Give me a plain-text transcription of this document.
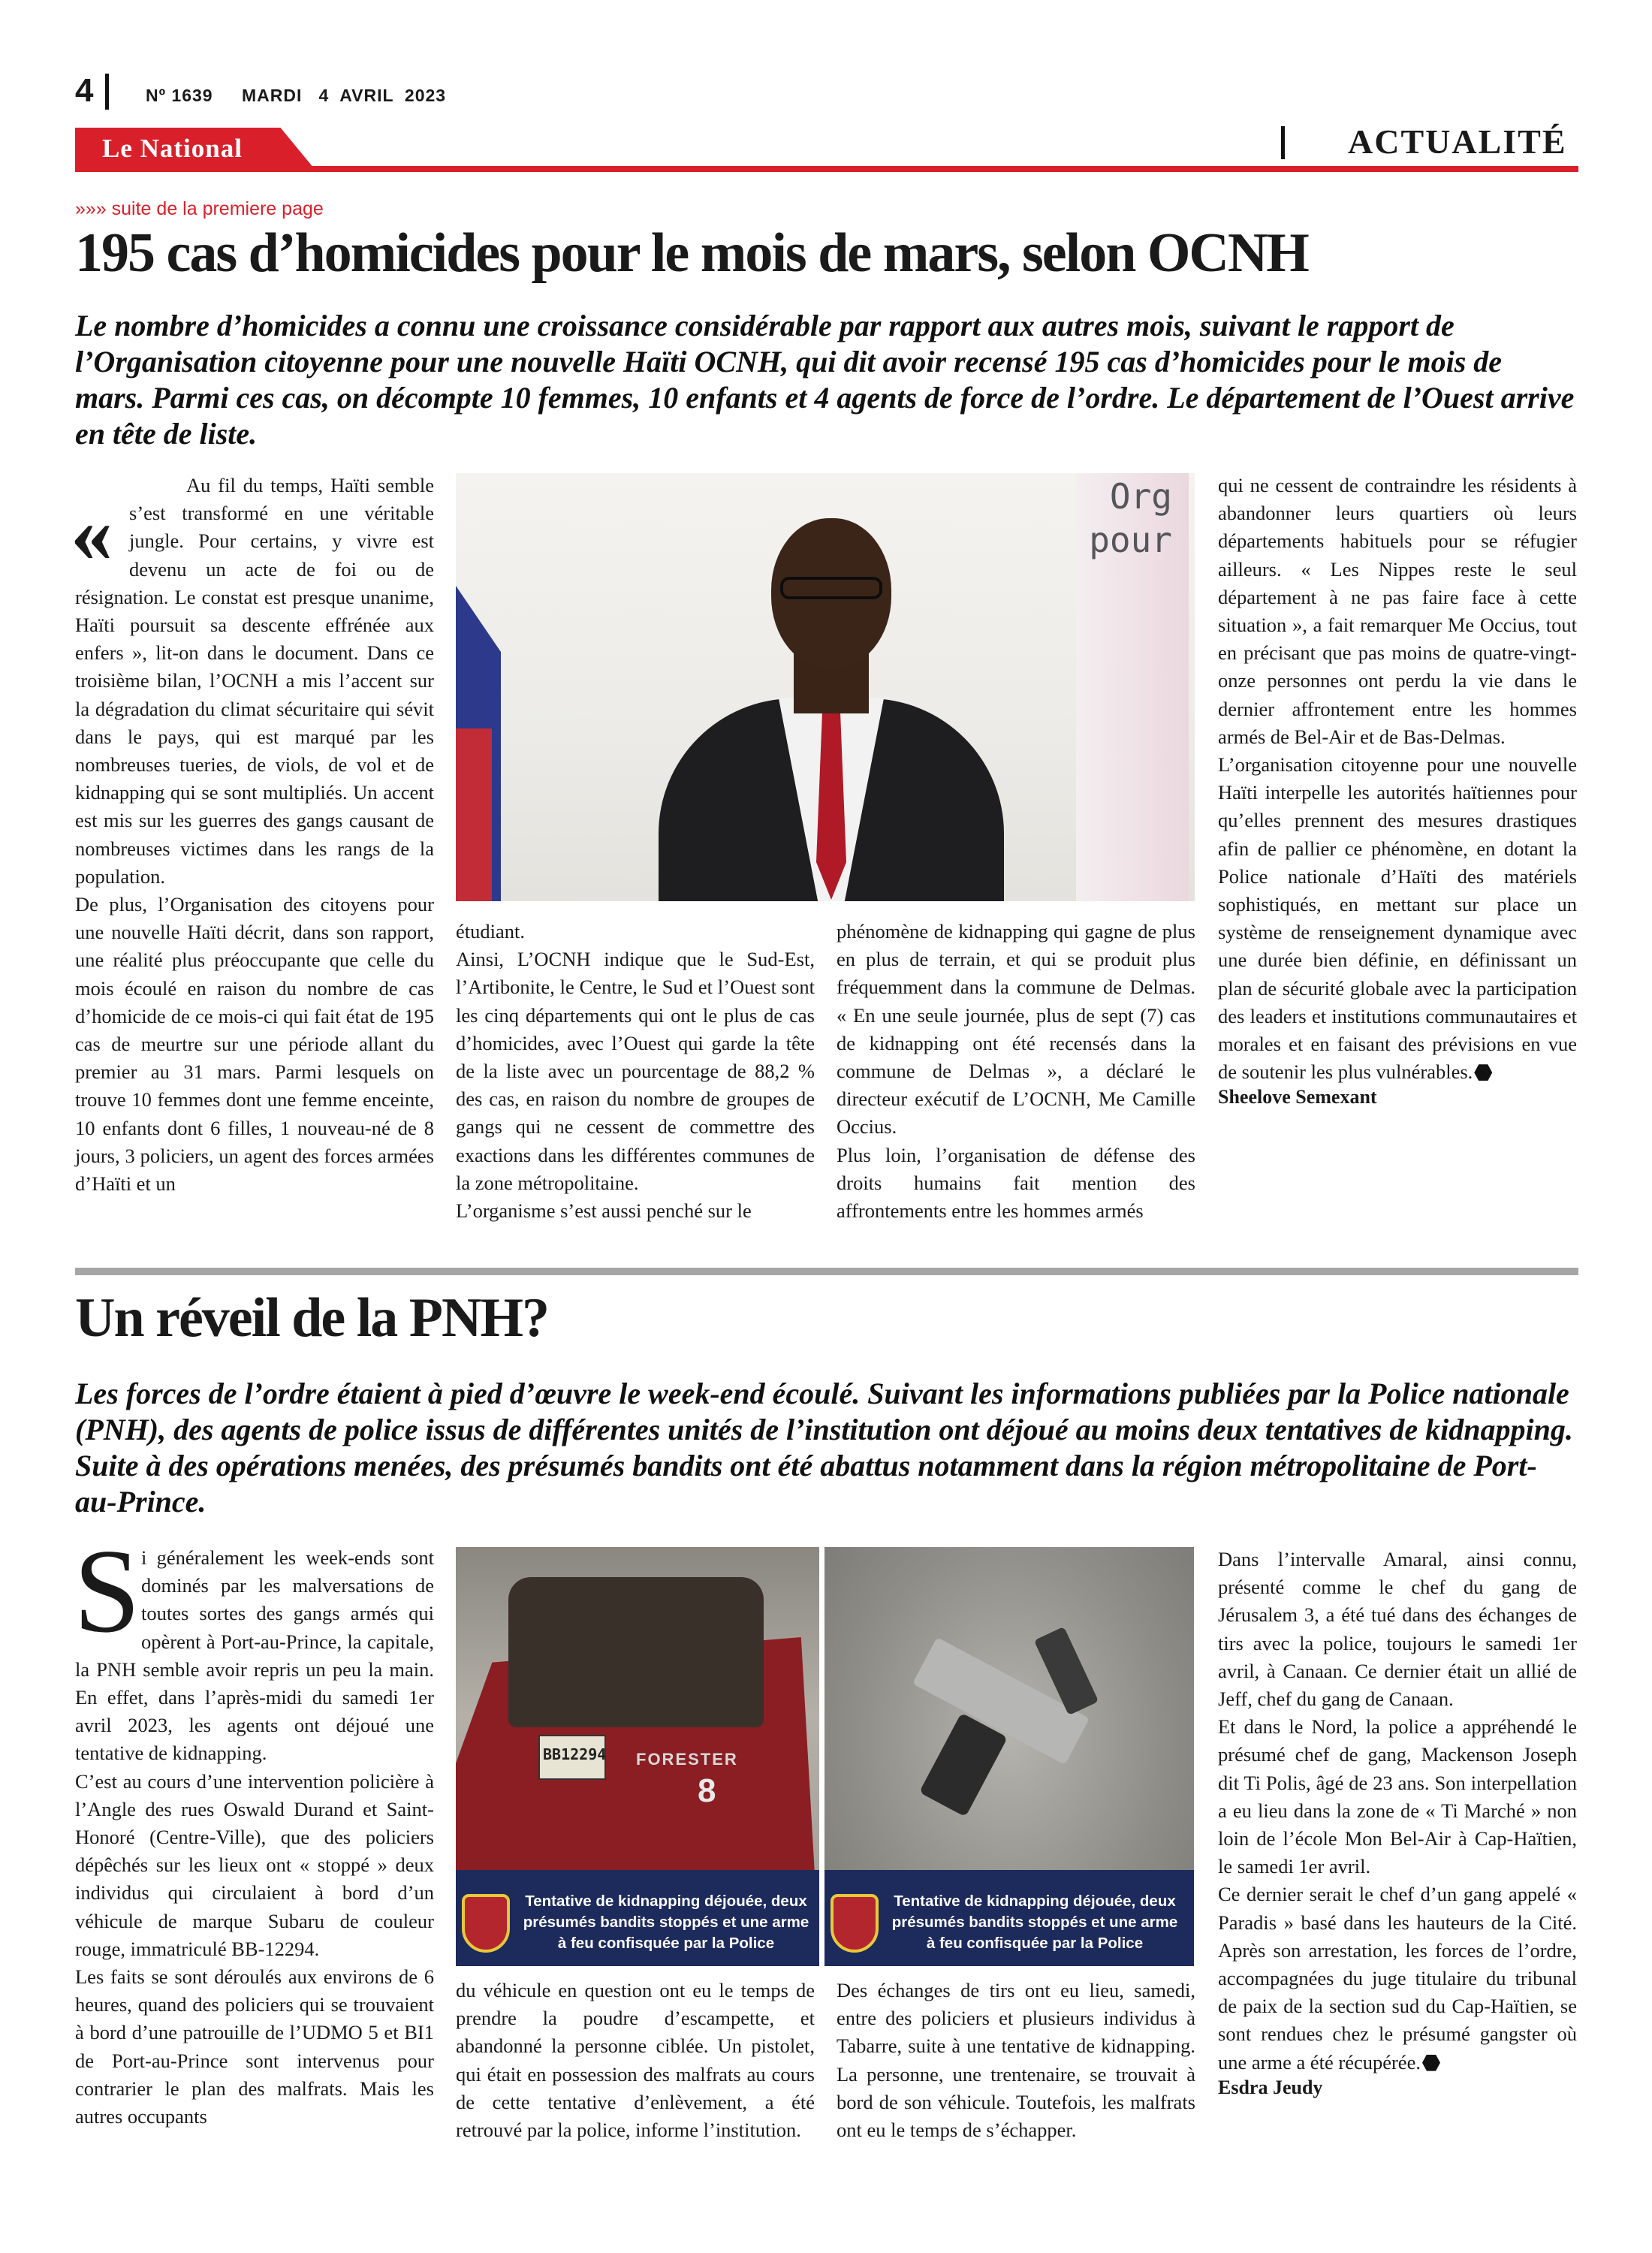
4	Nº 1639 MARDI   4  AVRIL  2023
Le National	ACTUALITÉ
»»» suite de la premiere page
195 cas d’homicides pour le mois de mars, selon OCNH

Le nombre d’homicides a connu une croissance considérable par rapport aux autres mois, suivant le rapport de l’Organisation citoyenne pour une nouvelle Haïti OCNH, qui dit avoir recensé 195 cas d’homicides pour le mois de mars. Parmi ces cas, on décompte 10 femmes, 10 enfants et 4 agents de force de l’ordre. Le département de l’Ouest arrive en tête de liste.

«

Au fil du temps, Haïti semble s’est transformé en une véritable jungle. Pour certains, y vivre est devenu un acte de foi ou de résignation. Le constat est presque unanime, Haïti poursuit sa descente effrénée aux enfers », lit-on dans le document. Dans ce troisième bilan, l’OCNH a mis l’accent sur la dégradation du climat sécuritaire qui sévit dans le pays, qui est marqué par les nombreuses tueries, de viols, de vol et de kidnapping qui se sont multipliés. Un accent est mis sur les guerres des gangs causant de nombreuses victimes dans les rangs de la population.

De plus, l’Organisation des citoyens pour une nouvelle Haïti décrit, dans son rapport, une réalité plus préoccupante que celle du mois écoulé en raison du nombre de cas d’homicide de ce mois-ci qui fait état de 195 cas de meurtre sur une période allant du premier au 31 mars. Parmi lesquels on trouve 10 femmes dont une femme enceinte, 10 enfants dont 6 filles, 1 nouveau-né de 8 jours, 3 policiers, un agent des forces armées d’Haïti et un

Org
pour

étudiant.

Ainsi, L’OCNH indique que le Sud-Est, l’Artibonite, le Centre, le Sud et l’Ouest sont les cinq départements qui ont le plus de cas d’homicides, avec l’Ouest qui garde la tête de la liste avec un pourcentage de 88,2 % des cas, en raison du nombre de groupes de gangs qui ne cessent de commettre des exactions dans les différentes communes de la zone métropolitaine.

L’organisme s’est aussi penché sur le

phénomène de kidnapping qui gagne de plus en plus de terrain, et qui se produit plus fréquemment dans la commune de Delmas. « En une seule journée, plus de sept (7) cas de kidnapping ont été recensés dans la commune de Delmas », a déclaré le directeur exécutif de L’OCNH, Me Camille Occius.

Plus loin, l’organisation de défense des droits humains fait mention des affrontements entre les hommes armés

qui ne cessent de contraindre les résidents à abandonner leurs quartiers où leurs départements habituels pour se réfugier ailleurs. « Les Nippes reste le seul département à ne pas faire face à cette situation », a fait remarquer Me Occius, tout en précisant que pas moins de quatre-vingt-onze personnes ont perdu la vie dans le dernier affrontement entre les hommes armés de Bel-Air et de Bas-Delmas.

L’organisation citoyenne pour une nouvelle Haïti interpelle les autorités haïtiennes pour qu’elles prennent des mesures drastiques afin de pallier ce phénomène, en dotant la Police nationale d’Haïti des matériels sophistiqués, en mettant sur place un système de renseignement dynamique avec une durée bien définie, en définissant un plan de sécurité globale avec la participation des leaders et institutions communautaires et morales et en faisant des prévisions en vue de soutenir les plus vulnérables.

Sheelove Semexant

Un réveil de la PNH?

Les forces de l’ordre étaient à pied d’œuvre le week-end écoulé. Suivant les informations publiées par la Police nationale (PNH), des agents de police issus de différentes unités de l’institution ont déjoué au moins deux tentatives de kidnapping. Suite à des opérations menées, des présumés bandits ont été abattus notamment dans la région métropolitaine de Port-au-Prince.

S i généralement les week-ends sont dominés par les malversations de toutes sortes des gangs armés qui opèrent à Port-au-Prince, la capitale, la PNH semble avoir repris un peu la main. En effet, dans l’après-midi du samedi 1er avril 2023, les agents ont déjoué une tentative de kidnapping.

C’est au cours d’une intervention policière à l’Angle des rues Oswald Durand et Saint-Honoré (Centre-Ville), que des policiers dépêchés sur les lieux ont « stoppé » deux individus qui circulaient à bord d’un véhicule de marque Subaru de couleur rouge, immatriculé BB-12294.

Les faits se sont déroulés aux environs de 6 heures, quand des policiers qui se trouvaient à bord d’une patrouille de l’UDMO 5 et BI1 de Port-au-Prince sont intervenus pour contrarier le plan des malfrats. Mais les autres occupants

BB12294 FORESTER
8
Tentative de kidnapping déjouée, deux présumés bandits stoppés et une arme à feu confisquée par la Police
Tentative de kidnapping déjouée, deux présumés bandits stoppés et une arme à feu confisquée par la Police

du véhicule en question ont eu le temps de prendre la poudre d’escampette, et abandonné la personne ciblée. Un pistolet, qui était en possession des malfrats au cours de cette tentative d’enlèvement, a été retrouvé par la police, informe l’institution.

Des échanges de tirs ont eu lieu, samedi, entre des policiers et plusieurs individus à Tabarre, suite à une tentative de kidnapping. La personne, une trentenaire, se trouvait à bord de son véhicule. Toutefois, les malfrats ont eu le temps de s’échapper.

Dans l’intervalle Amaral, ainsi connu, présenté comme le chef du gang de Jérusalem 3, a été tué dans des échanges de tirs avec la police, toujours le samedi 1er avril, à Canaan. Ce dernier était un allié de Jeff, chef du gang de Canaan.

Et dans le Nord, la police a appréhendé le présumé chef de gang, Mackenson Joseph dit Ti Polis, âgé de 23 ans. Son interpellation a eu lieu dans la zone de « Ti Marché » non loin de l’école Mon Bel-Air à Cap-Haïtien, le samedi 1er avril.

Ce dernier serait le chef d’un gang appelé « Paradis » basé dans les hauteurs de la Cité. Après son arrestation, les forces de l’ordre, accompagnées du juge titulaire du tribunal de paix de la section sud du Cap-Haïtien, se sont rendues chez le présumé gangster où une arme a été récupérée.

Esdra Jeudy
